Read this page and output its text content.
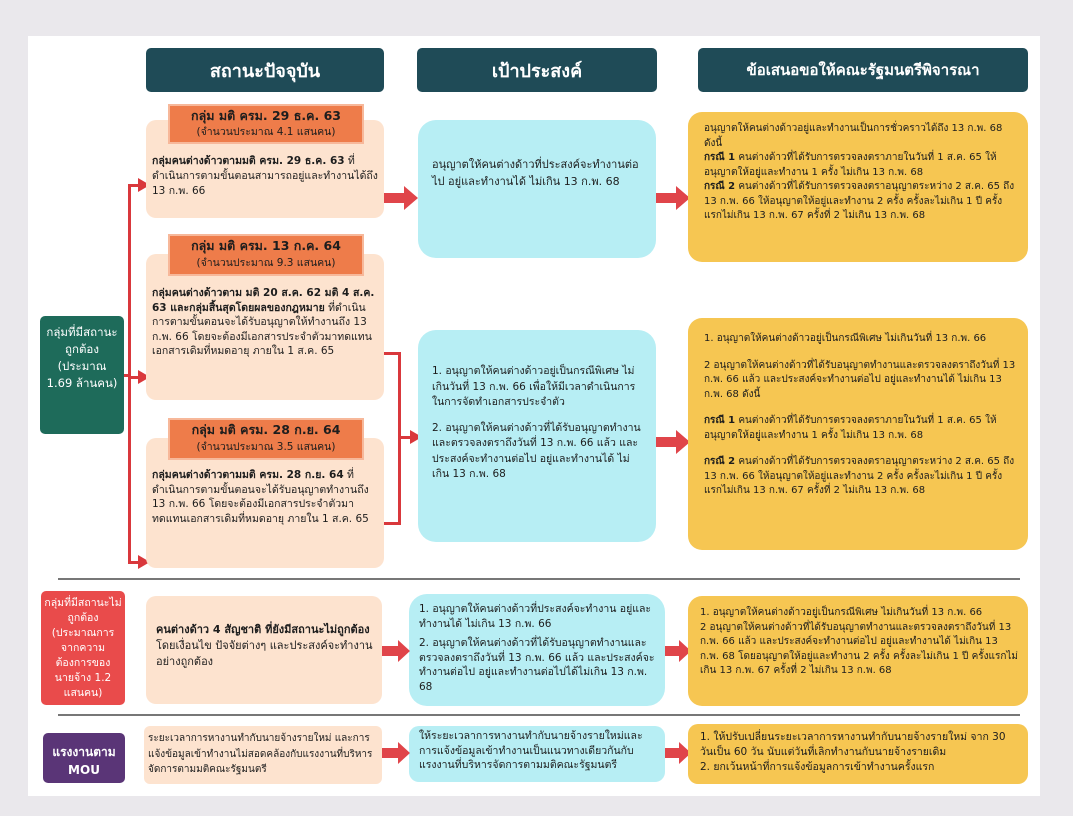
สถานะปัจจุบัน	เป้าประสงค์	ข้อเสนอขอให้คณะรัฐมนตรีพิจารณา
กลุ่มที่มีสถานะถูกต้อง (ประมาณ 1.69 ล้านคน)
กลุ่มที่มีสถานะไม่ถูกต้อง (ประมาณการจากความต้องการของนายจ้าง 1.2 แสนคน)
แรงงานตาม MOU
กลุ่ม มติ ครม. 29 ธ.ค. 63
(จำนวนประมาณ 4.1 แสนคน)
กลุ่มคนต่างด้าวตามมติ ครม. 29 ธ.ค. 63 ที่ดำเนินการตามขั้นตอนสามารถอยู่และทำงานได้ถึง 13 ก.พ. 66
กลุ่ม มติ ครม. 13 ก.ค. 64
(จำนวนประมาณ 9.3 แสนคน)
กลุ่มคนต่างด้าวตาม มติ 20 ส.ค. 62 มติ 4 ส.ค. 63 และกลุ่มสิ้นสุดโดยผลของกฎหมาย ที่ดำเนินการตามขั้นตอนจะได้รับอนุญาตให้ทำงานถึง 13 ก.พ. 66 โดยจะต้องมีเอกสารประจำตัวมาทดแทนเอกสารเดิมที่หมดอายุ ภายใน 1 ส.ค. 65
กลุ่ม มติ ครม. 28 ก.ย. 64
(จำนวนประมาณ 3.5 แสนคน)
กลุ่มคนต่างด้าวตามมติ ครม. 28 ก.ย. 64 ที่ดำเนินการตามขั้นตอนจะได้รับอนุญาตทำงานถึง 13 ก.พ. 66 โดยจะต้องมีเอกสารประจำตัวมาทดแทนเอกสารเดิมที่หมดอายุ ภายใน 1 ส.ค. 65
อนุญาตให้คนต่างด้าวที่ประสงค์จะทำงานต่อไป อยู่และทำงานได้ ไม่เกิน 13 ก.พ. 68

1. อนุญาตให้คนต่างด้าวอยู่เป็นกรณีพิเศษ ไม่เกินวันที่ 13 ก.พ. 66 เพื่อให้มีเวลาดำเนินการในการจัดทำเอกสารประจำตัว

2. อนุญาตให้คนต่างด้าวที่ได้รับอนุญาตทำงานและตรวจลงตราถึงวันที่ 13 ก.พ. 66 แล้ว และประสงค์จะทำงานต่อไป อยู่และทำงานได้ ไม่เกิน 13 ก.พ. 68

1. อนุญาตให้คนต่างด้าวที่ประสงค์จะทำงาน อยู่และทำงานได้ ไม่เกิน 13 ก.พ. 66

2. อนุญาตให้คนต่างด้าวที่ได้รับอนุญาตทำงานและตรวจลงตราถึงวันที่ 13 ก.พ. 66 แล้ว และประสงค์จะทำงานต่อไป อยู่และทำงานต่อไปได้ไม่เกิน 13 ก.พ. 68

ให้ระยะเวลาการหางานทำกับนายจ้างรายใหม่และการแจ้งข้อมูลเข้าทำงานเป็นแนวทางเดียวกันกับแรงงานที่บริหารจัดการตามมติคณะรัฐมนตรี

อนุญาตให้คนต่างด้าวอยู่และทำงานเป็นการชั่วคราวได้ถึง 13 ก.พ. 68 ดังนี้

กรณี 1 คนต่างด้าวที่ได้รับการตรวจลงตราภายในวันที่ 1 ส.ค. 65 ให้อนุญาตให้อยู่และทำงาน 1 ครั้ง ไม่เกิน 13 ก.พ. 68

กรณี 2 คนต่างด้าวที่ได้รับการตรวจลงตราอนุญาตระหว่าง 2 ส.ค. 65 ถึง 13 ก.พ. 66 ให้อนุญาตให้อยู่และทำงาน 2 ครั้ง ครั้งละไม่เกิน 1 ปี ครั้งแรกไม่เกิน 13 ก.พ. 67 ครั้งที่ 2 ไม่เกิน 13 ก.พ. 68

1. อนุญาตให้คนต่างด้าวอยู่เป็นกรณีพิเศษ ไม่เกินวันที่ 13 ก.พ. 66

2 อนุญาตให้คนต่างด้าวที่ได้รับอนุญาตทำงานและตรวจลงตราถึงวันที่ 13 ก.พ. 66 แล้ว และประสงค์จะทำงานต่อไป อยู่และทำงานได้ ไม่เกิน 13 ก.พ. 68 ดังนี้

กรณี 1 คนต่างด้าวที่ได้รับการตรวจลงตราภายในวันที่ 1 ส.ค. 65 ให้อนุญาตให้อยู่และทำงาน 1 ครั้ง ไม่เกิน 13 ก.พ. 68

กรณี 2 คนต่างด้าวที่ได้รับการตรวจลงตราอนุญาตระหว่าง 2 ส.ค. 65 ถึง 13 ก.พ. 66 ให้อนุญาตให้อยู่และทำงาน 2 ครั้ง ครั้งละไม่เกิน 1 ปี ครั้งแรกไม่เกิน 13 ก.พ. 67 ครั้งที่ 2 ไม่เกิน 13 ก.พ. 68

1. อนุญาตให้คนต่างด้าวอยู่เป็นกรณีพิเศษ ไม่เกินวันที่ 13 ก.พ. 66

2 อนุญาตให้คนต่างด้าวที่ได้รับอนุญาตทำงานและตรวจลงตราถึงวันที่ 13 ก.พ. 66 แล้ว และประสงค์จะทำงานต่อไป อยู่และทำงานได้ ไม่เกิน 13 ก.พ. 68 โดยอนุญาตให้อยู่และทำงาน 2 ครั้ง ครั้งละไม่เกิน 1 ปี ครั้งแรกไม่เกิน 13 ก.พ. 67 ครั้งที่ 2 ไม่เกิน 13 ก.พ. 68

1. ให้ปรับเปลี่ยนระยะเวลาการหางานทำกับนายจ้างรายใหม่ จาก 30 วันเป็น 60 วัน นับแต่วันที่เลิกทำงานกับนายจ้างรายเดิม

2. ยกเว้นหน้าที่การแจ้งข้อมูลการเข้าทำงานครั้งแรก

คนต่างด้าว 4 สัญชาติ ที่ยังมีสถานะไม่ถูกต้อง โดยเงื่อนไข ปัจจัยต่างๆ และประสงค์จะทำงานอย่างถูกต้อง
ระยะเวลาการหางานทำกับนายจ้างรายใหม่ และการแจ้งข้อมูลเข้าทำงานไม่สอดคล้องกับแรงงานที่บริหารจัดการตามมติคณะรัฐมนตรี
